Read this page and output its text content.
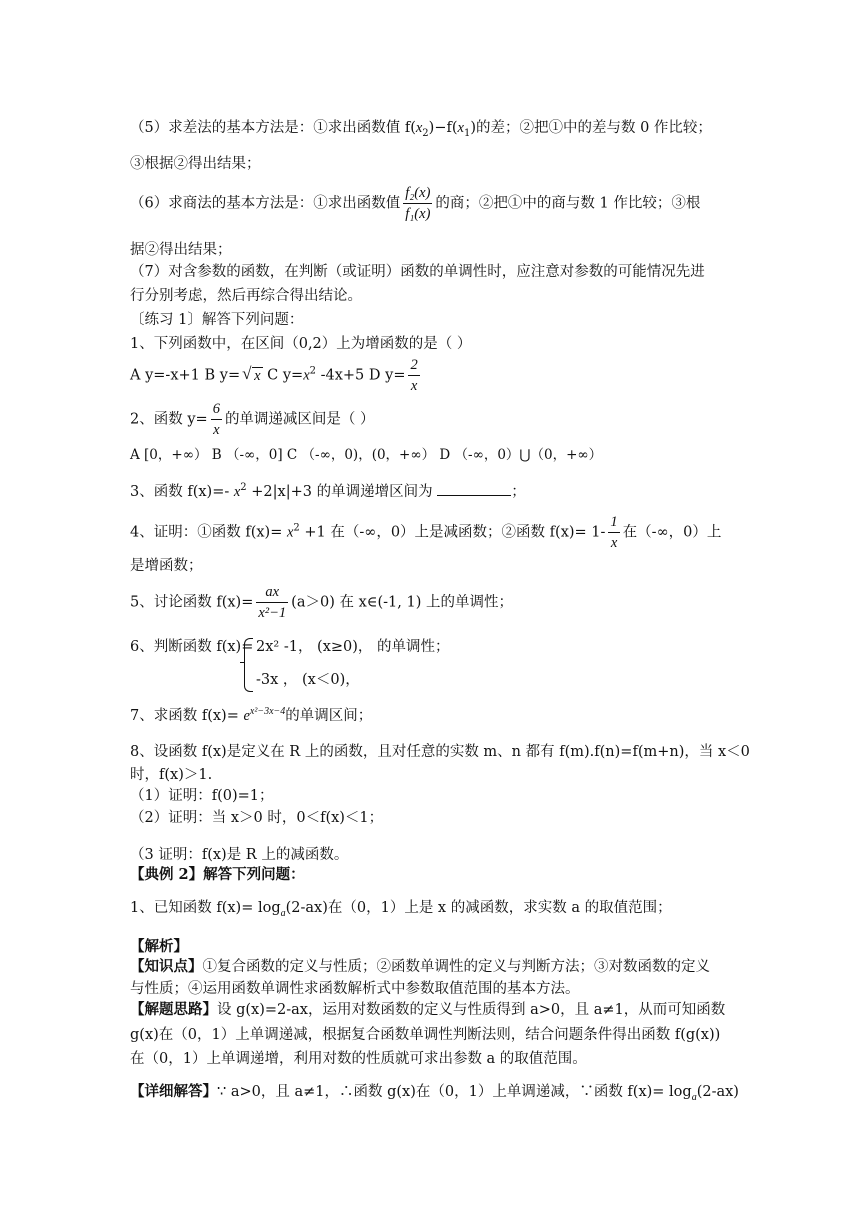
（5）求差法的基本方法是：①求出函数值 $f(x_2)-f(x_1)$的差；②把①中的差与数 0 作比较；
③根据②得出结果；
（6）求商法的基本方法是：①求出函数值 $\frac{\text{f₂(x)}}{\text{f₁(x)}}$ 的商；②把①中的商与数 1 作比较；③根
据②得出结果；
（7）对含参数的函数，在判断（或证明）函数的单调性时，应注意对参数的可能情况先进
行分别考虑，然后再综合得出结论。
〔练习 1〕解答下列问题：
1、下列函数中，在区间（0,2）上为增函数的是（ ）
A y=-x+1 B y=√ x C $y=x^2$ -4x+5 D $y= \frac{2}{x}$
2、函数 $y= \frac{6}{x}$ 的单调递减区间是（ ）
A [0，+∞） B （-∞，0] C （-∞，0)，(0，+∞） D （-∞，0）⋃（0，+∞）
3、函数 f(x)=- $x^2 +2|x|+3$ 的单调递增区间为	；
4、证明：①函数 $f(x)= x^2 +1$ 在（-∞，0）上是减函数；②函数 $f(x)= 1- \frac{1}{x}$ 在（-∞，0）上
是增函数；
5、讨论函数 $f(x)= \frac{ax}{\text{x²−1}} (a>0)$ 在 x∈(-1, 1) 上的单调性；
6、判断函数 f(x)= 2x² -1， (x≥0)， 的单调性；
-3x ， (x＜0)，
7、求函数 $f(x)= e^{x^2-3x-4}$的单调区间；
8、设函数 f(x)是定义在 R 上的函数，且对任意的实数 m、n 都有 f(m).f(n)=f(m+n)，当 x＜0
时，f(x)＞1.
（1）证明：f(0)=1；
（2）证明：当 x＞0 时，0＜f(x)＜1；
（3 证明：f(x)是 R 上的减函数。
【典例 2】解答下列问题：
1、已知函数 $f(x)= \log_a(2-ax)$在（0，1）上是 x 的减函数，求实数 a 的取值范围；
【解析】
【知识点】①复合函数的定义与性质；②函数单调性的定义与判断方法；③对数函数的定义
与性质；④运用函数单调性求函数解析式中参数取值范围的基本方法。
【解题思路】设 g(x)=2-ax，运用对数函数的定义与性质得到 a>0，且 a≠1，从而可知函数
g(x)在（0，1）上单调递减，根据复合函数单调性判断法则，结合问题条件得出函数 f(g(x))
在（0，1）上单调递增，利用对数的性质就可求出参数 a 的取值范围。
【详细解答】∵ a>0，且 a≠1，∴函数 g(x)在（0，1）上单调递减，∵函数 $f(x)= \log_a(2-ax)$
